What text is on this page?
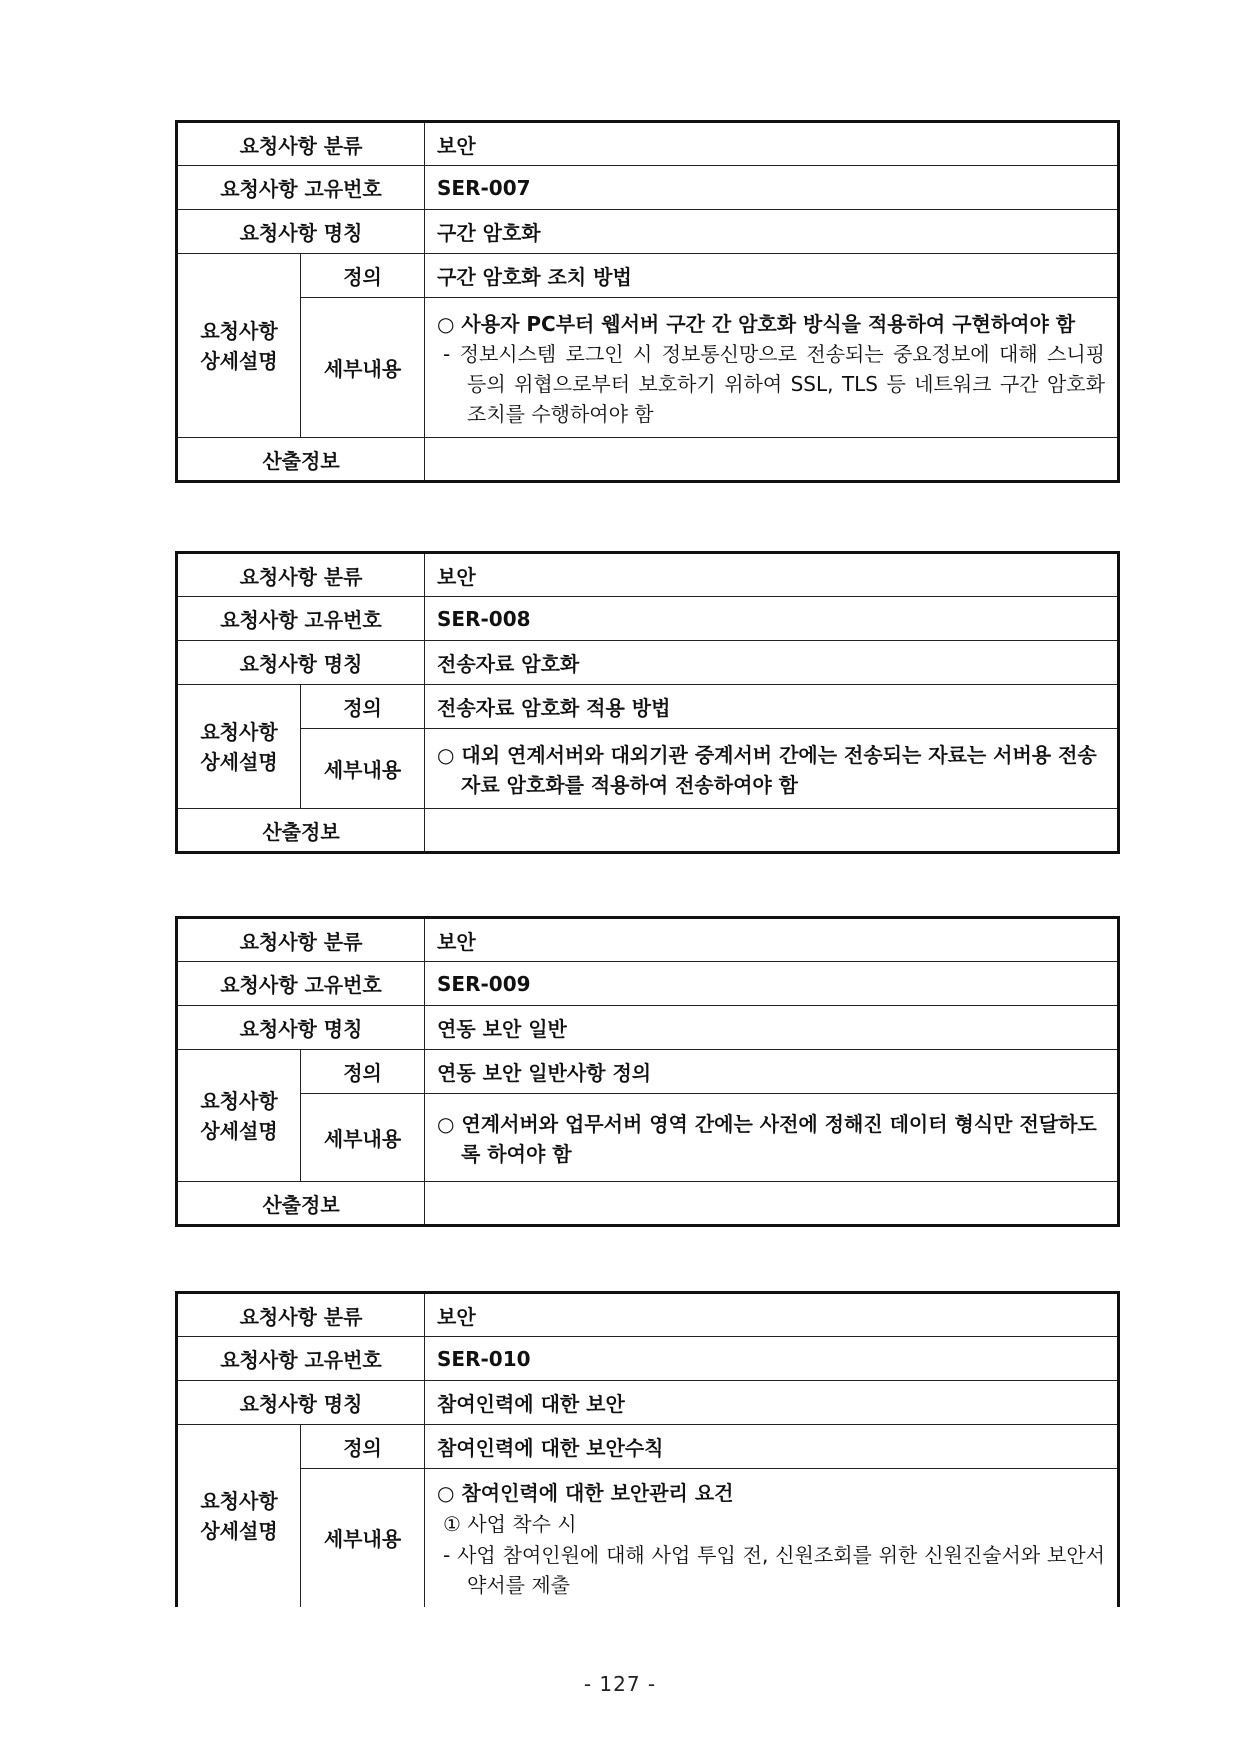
요청사항 분류		보안
요청사항 고유번호		SER-007
요청사항 명칭		구간 암호화
요청사항
상세설명	정의	구간 암호화 조치 방법
	세부내용	○ 사용자 PC부터 웹서버 구간 간 암호화 방식을 적용하여 구현하여야 함
- 정보시스템 로그인 시 정보통신망으로 전송되는 중요정보에 대해 스니핑 등의 위협으로부터 보호하기 위하여 SSL, TLS 등 네트워크 구간 암호화 조치를 수행하여야 함

산출정보		
요청사항 분류		보안
요청사항 고유번호		SER-008
요청사항 명칭		전송자료 암호화
요청사항
상세설명	정의	전송자료 암호화 적용 방법
	세부내용	○ 대외 연계서버와 대외기관 중계서버 간에는 전송되는 자료는 서버용 전송자료 암호화를 적용하여 전송하여야 함

산출정보		
요청사항 분류		보안
요청사항 고유번호		SER-009
요청사항 명칭		연동 보안 일반
요청사항
상세설명	정의	연동 보안 일반사항 정의
	세부내용	○ 연계서버와 업무서버 영역 간에는 사전에 정해진 데이터 형식만 전달하도록 하여야 함

산출정보		
요청사항 분류		보안
요청사항 고유번호		SER-010
요청사항 명칭		참여인력에 대한 보안
요청사항
상세설명	정의	참여인력에 대한 보안수칙
	세부내용	○ 참여인력에 대한 보안관리 요건
① 사업 착수 시
- 사업 참여인원에 대해 사업 투입 전, 신원조회를 위한 신원진술서와 보안서약서를 제출
- 127 -
